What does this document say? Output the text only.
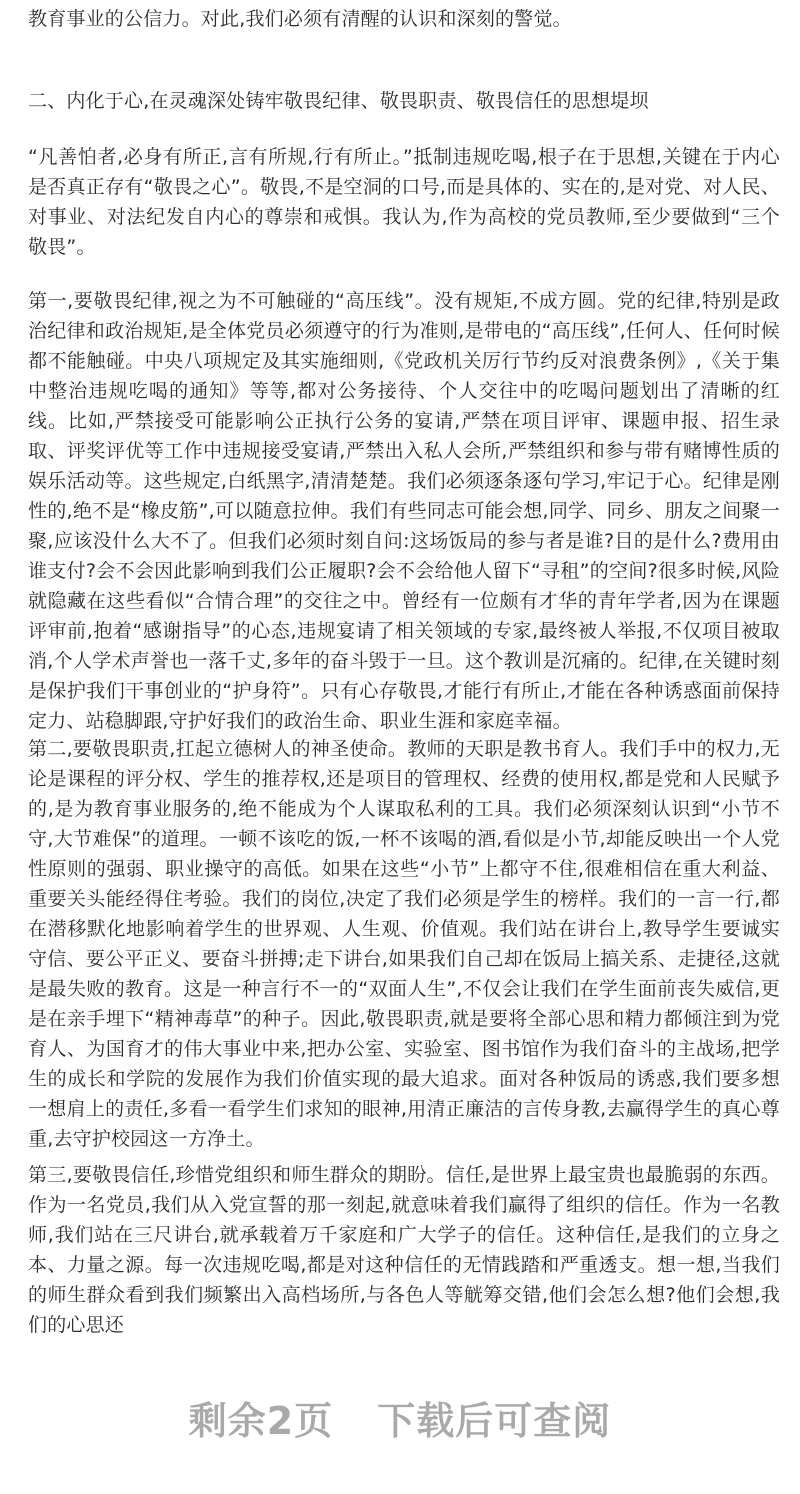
教育事业的公信力。对此,我们必须有清醒的认识和深刻的警觉。

二、内化于心,在灵魂深处铸牢敬畏纪律、敬畏职责、敬畏信任的思想堤坝

“凡善怕者,必身有所正,言有所规,行有所止。”抵制违规吃喝,根子在于思想,关键在于内心是否真正存有“敬畏之心”。敬畏,不是空洞的口号,而是具体的、实在的,是对党、对人民、对事业、对法纪发自内心的尊崇和戒惧。我认为,作为高校的党员教师,至少要做到“三个敬畏”。

第一,要敬畏纪律,视之为不可触碰的“高压线”。没有规矩,不成方圆。党的纪律,特别是政治纪律和政治规矩,是全体党员必须遵守的行为准则,是带电的“高压线”,任何人、任何时候都不能触碰。中央八项规定及其实施细则,《党政机关厉行节约反对浪费条例》,《关于集中整治违规吃喝的通知》等等,都对公务接待、个人交往中的吃喝问题划出了清晰的红线。比如,严禁接受可能影响公正执行公务的宴请,严禁在项目评审、课题申报、招生录取、评奖评优等工作中违规接受宴请,严禁出入私人会所,严禁组织和参与带有赌博性质的娱乐活动等。这些规定,白纸黑字,清清楚楚。我们必须逐条逐句学习,牢记于心。纪律是刚性的,绝不是“橡皮筋”,可以随意拉伸。我们有些同志可能会想,同学、同乡、朋友之间聚一聚,应该没什么大不了。但我们必须时刻自问:这场饭局的参与者是谁?目的是什么?费用由谁支付?会不会因此影响到我们公正履职?会不会给他人留下“寻租”的空间?很多时候,风险就隐藏在这些看似“合情合理”的交往之中。曾经有一位颇有才华的青年学者,因为在课题评审前,抱着“感谢指导”的心态,违规宴请了相关领域的专家,最终被人举报,不仅项目被取消,个人学术声誉也一落千丈,多年的奋斗毁于一旦。这个教训是沉痛的。纪律,在关键时刻是保护我们干事创业的“护身符”。只有心存敬畏,才能行有所止,才能在各种诱惑面前保持定力、站稳脚跟,守护好我们的政治生命、职业生涯和家庭幸福。

第二,要敬畏职责,扛起立德树人的神圣使命。教师的天职是教书育人。我们手中的权力,无论是课程的评分权、学生的推荐权,还是项目的管理权、经费的使用权,都是党和人民赋予的,是为教育事业服务的,绝不能成为个人谋取私利的工具。我们必须深刻认识到“小节不守,大节难保”的道理。一顿不该吃的饭,一杯不该喝的酒,看似是小节,却能反映出一个人党性原则的强弱、职业操守的高低。如果在这些“小节”上都守不住,很难相信在重大利益、重要关头能经得住考验。我们的岗位,决定了我们必须是学生的榜样。我们的一言一行,都在潜移默化地影响着学生的世界观、人生观、价值观。我们站在讲台上,教导学生要诚实守信、要公平正义、要奋斗拼搏;走下讲台,如果我们自己却在饭局上搞关系、走捷径,这就是最失败的教育。这是一种言行不一的“双面人生”,不仅会让我们在学生面前丧失威信,更是在亲手埋下“精神毒草”的种子。因此,敬畏职责,就是要将全部心思和精力都倾注到为党育人、为国育才的伟大事业中来,把办公室、实验室、图书馆作为我们奋斗的主战场,把学生的成长和学院的发展作为我们价值实现的最大追求。面对各种饭局的诱惑,我们要多想一想肩上的责任,多看一看学生们求知的眼神,用清正廉洁的言传身教,去赢得学生的真心尊重,去守护校园这一方净土。

第三,要敬畏信任,珍惜党组织和师生群众的期盼。信任,是世界上最宝贵也最脆弱的东西。作为一名党员,我们从入党宣誓的那一刻起,就意味着我们赢得了组织的信任。作为一名教师,我们站在三尺讲台,就承载着万千家庭和广大学子的信任。这种信任,是我们的立身之本、力量之源。每一次违规吃喝,都是对这种信任的无情践踏和严重透支。想一想,当我们的师生群众看到我们频繁出入高档场所,与各色人等觥筹交错,他们会怎么想?他们会想,我们的心思还

剩余2页 下载后可查阅
